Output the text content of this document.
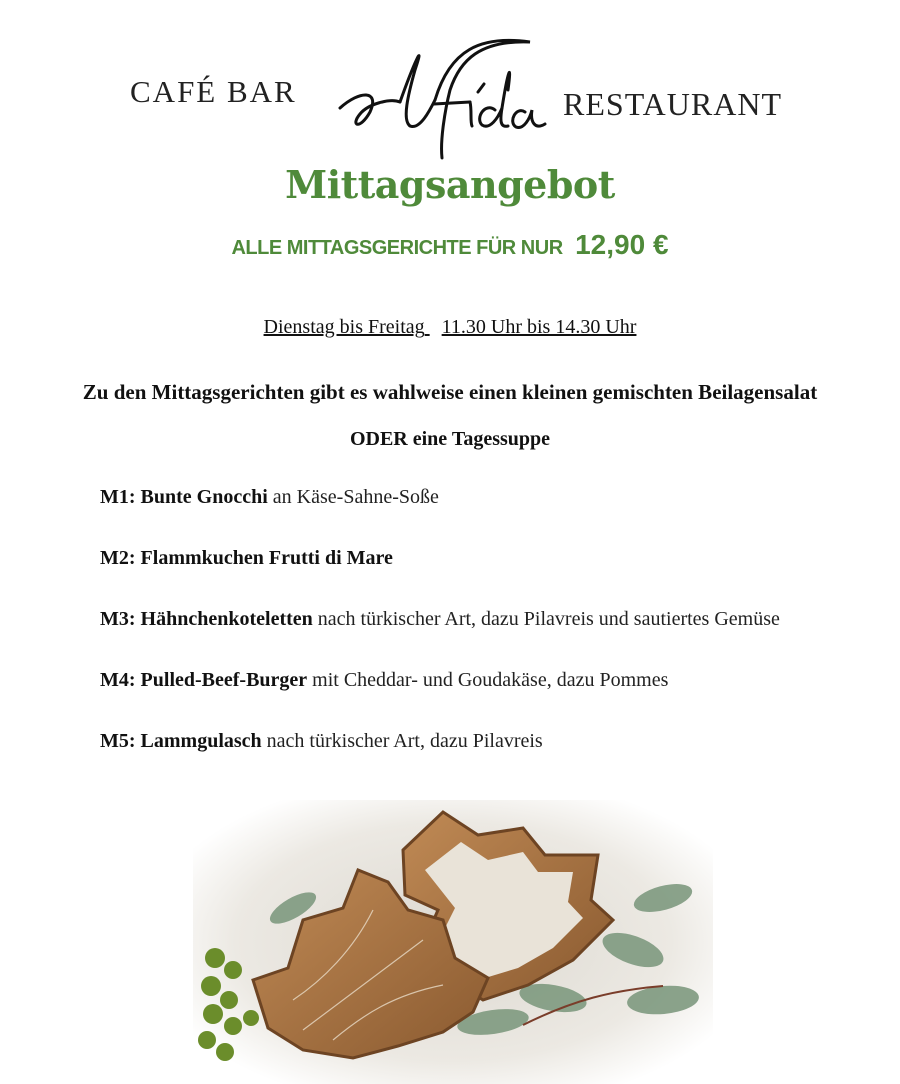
CAFÉ BAR
elfida
RESTAURANT
Mittagsangebot
ALLE MITTAGSGERICHTE FÜR NUR 12,90 €
Dienstag bis Freitag 11.30 Uhr bis 14.30 Uhr
Zu den Mittagsgerichten gibt es wahlweise einen kleinen gemischten Beilagensalat
ODER eine Tagessuppe
M1: Bunte Gnocchi an Käse-Sahne-Soße
M2: Flammkuchen Frutti di Mare
M3: Hähnchenkoteletten nach türkischer Art, dazu Pilavreis und sautiertes Gemüse
M4: Pulled-Beef-Burger mit Cheddar- und Goudakäse, dazu Pommes
M5: Lammgulasch nach türkischer Art, dazu Pilavreis
